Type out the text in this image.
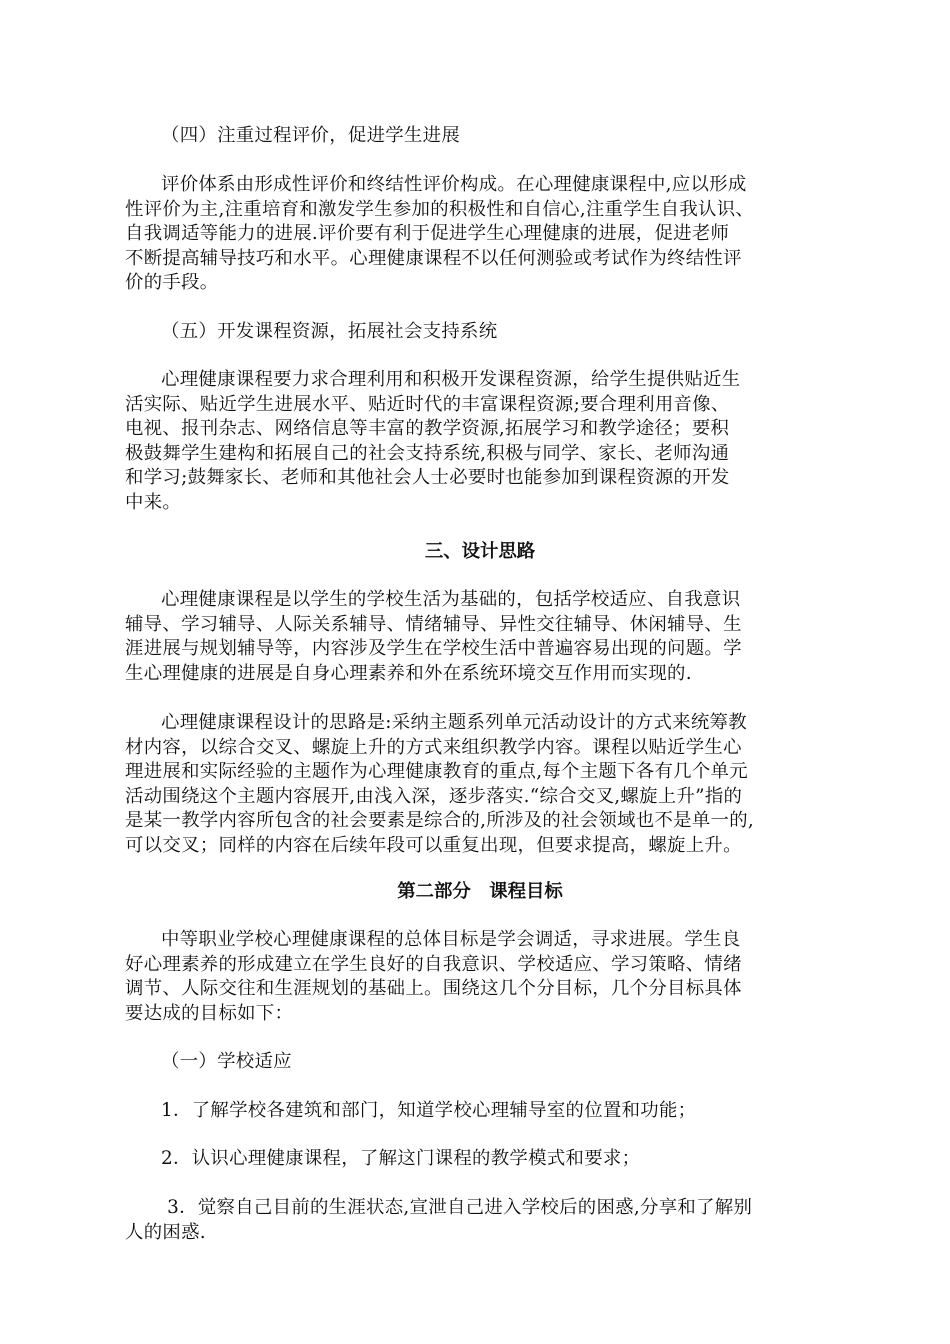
（四）注重过程评价，促进学生进展
评价体系由形成性评价和终结性评价构成。在心理健康课程中,应以形成
性评价为主,注重培育和激发学生参加的积极性和自信心,注重学生自我认识、
自我调适等能力的进展.评价要有利于促进学生心理健康的进展，促进老师
不断提高辅导技巧和水平。心理健康课程不以任何测验或考试作为终结性评
价的手段。
（五）开发课程资源，拓展社会支持系统
心理健康课程要力求合理利用和积极开发课程资源，给学生提供贴近生
活实际、贴近学生进展水平、贴近时代的丰富课程资源;要合理利用音像、
电视、报刊杂志、网络信息等丰富的教学资源,拓展学习和教学途径；要积
极鼓舞学生建构和拓展自己的社会支持系统,积极与同学、家长、老师沟通
和学习;鼓舞家长、老师和其他社会人士必要时也能参加到课程资源的开发
中来。
三、设计思路
心理健康课程是以学生的学校生活为基础的，包括学校适应、自我意识
辅导、学习辅导、人际关系辅导、情绪辅导、异性交往辅导、休闲辅导、生
涯进展与规划辅导等，内容涉及学生在学校生活中普遍容易出现的问题。学
生心理健康的进展是自身心理素养和外在系统环境交互作用而实现的.
心理健康课程设计的思路是:采纳主题系列单元活动设计的方式来统筹教
材内容，以综合交叉、螺旋上升的方式来组织教学内容。课程以贴近学生心
理进展和实际经验的主题作为心理健康教育的重点,每个主题下各有几个单元
活动围绕这个主题内容展开,由浅入深，逐步落实.“综合交叉,螺旋上升”指的
是某一教学内容所包含的社会要素是综合的,所涉及的社会领域也不是单一的,
可以交叉；同样的内容在后续年段可以重复出现，但要求提高，螺旋上升。
第二部分　课程目标
中等职业学校心理健康课程的总体目标是学会调适，寻求进展。学生良
好心理素养的形成建立在学生良好的自我意识、学校适应、学习策略、情绪
调节、人际交往和生涯规划的基础上。围绕这几个分目标，几个分目标具体
要达成的目标如下：
（一）学校适应
1．了解学校各建筑和部门，知道学校心理辅导室的位置和功能；
2．认识心理健康课程，了解这门课程的教学模式和要求；
3．觉察自己目前的生涯状态,宣泄自己进入学校后的困惑,分享和了解别
人的困惑.
